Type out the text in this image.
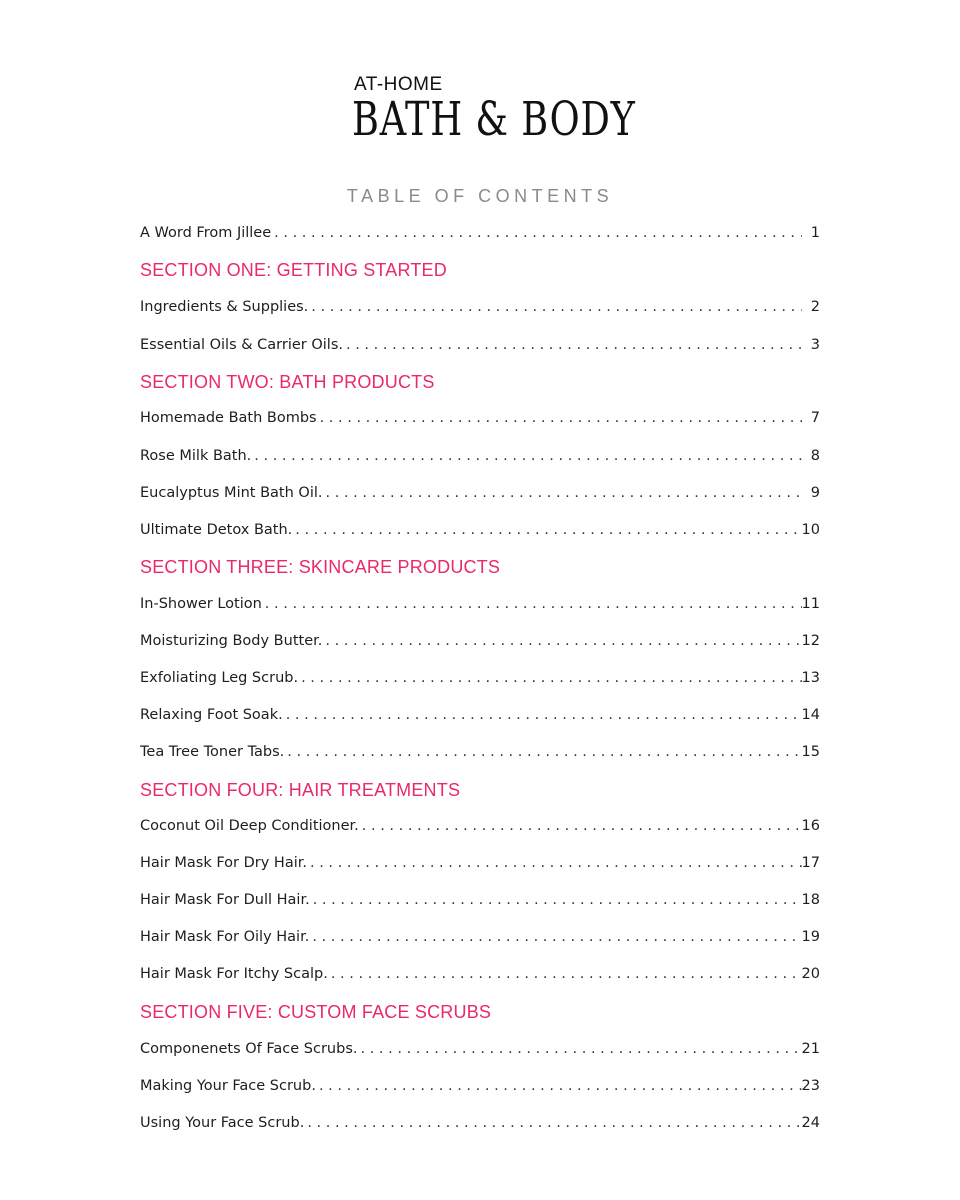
AT-HOME
BATH & BODY
TABLE OF CONTENTS
A Word From Jillee . . .	1
SECTION ONE: GETTING STARTED
Ingredients & Supplies. . . .	2
Essential Oils & Carrier Oils. . . .	3
SECTION TWO: BATH PRODUCTS
Homemade Bath Bombs . . .	7
Rose Milk Bath. . . .	8
Eucalyptus Mint Bath Oil. . . .	9
Ultimate Detox Bath. . . .	10
SECTION THREE: SKINCARE PRODUCTS
In-Shower Lotion . . .	11
Moisturizing Body Butter. . . .	12
Exfoliating Leg Scrub. . . .	13
Relaxing Foot Soak. . . .	14
Tea Tree Toner Tabs. . . .	15
SECTION FOUR: HAIR TREATMENTS
Coconut Oil Deep Conditioner. . . .	16
Hair Mask For Dry Hair. . . .	17
Hair Mask For Dull Hair. . . .	18
Hair Mask For Oily Hair. . . .	19
Hair Mask For Itchy Scalp. . . .	20
SECTION FIVE: CUSTOM FACE SCRUBS
Componenets Of Face Scrubs. . . .	21
Making Your Face Scrub. . . .	23
Using Your Face Scrub. . . .	24
